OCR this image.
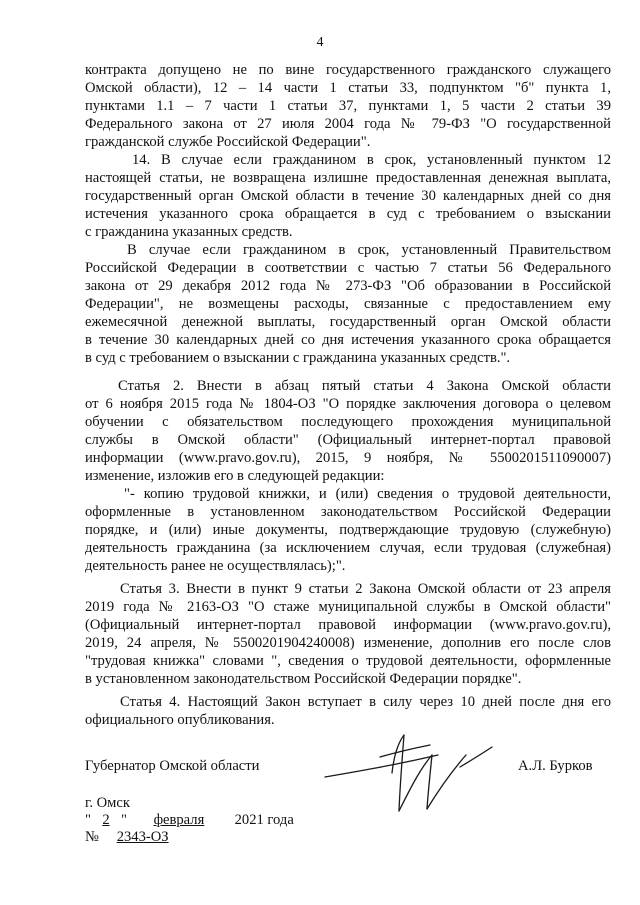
4
контракта допущено не по вине государственного гражданского служащего
Омской области), 12 – 14 части 1 статьи 33, подпунктом "б" пункта 1,
пунктами 1.1 – 7 части 1 статьи 37, пунктами 1, 5 части 2 статьи 39
Федерального закона от 27 июля 2004 года № 79-ФЗ "О государственной
гражданской службе Российской Федерации".
14. В случае если гражданином в срок, установленный пунктом 12
настоящей статьи, не возвращена излишне предоставленная денежная выплата,
государственный орган Омской области в течение 30 календарных дней со дня
истечения указанного срока обращается в суд с требованием о взыскании
с гражданина указанных средств.
В случае если гражданином в срок, установленный Правительством
Российской Федерации в соответствии с частью 7 статьи 56 Федерального
закона от 29 декабря 2012 года № 273-ФЗ "Об образовании в Российской
Федерации", не возмещены расходы, связанные с предоставлением ему
ежемесячной денежной выплаты, государственный орган Омской области
в течение 30 календарных дней со дня истечения указанного срока обращается
в суд с требованием о взыскании с гражданина указанных средств.".
Статья 2. Внести в абзац пятый статьи 4 Закона Омской области
от 6 ноября 2015 года № 1804-ОЗ "О порядке заключения договора о целевом
обучении с обязательством последующего прохождения муниципальной
службы в Омской области" (Официальный интернет-портал правовой
информации (www.pravo.gov.ru), 2015, 9 ноября, № 5500201511090007)
изменение, изложив его в следующей редакции:
"- копию трудовой книжки, и (или) сведения о трудовой деятельности,
оформленные в установленном законодательством Российской Федерации
порядке, и (или) иные документы, подтверждающие трудовую (служебную)
деятельность гражданина (за исключением случая, если трудовая (служебная)
деятельность ранее не осуществлялась);".
Статья 3. Внести в пункт 9 статьи 2 Закона Омской области от 23 апреля
2019 года № 2163-ОЗ "О стаже муниципальной службы в Омской области"
(Официальный интернет-портал правовой информации (www.pravo.gov.ru),
2019, 24 апреля, № 5500201904240008) изменение, дополнив его после слов
"трудовая книжка" словами ", сведения о трудовой деятельности, оформленные
в установленном законодательством Российской Федерации порядке".
Статья 4. Настоящий Закон вступает в силу через 10 дней после дня его
официального опубликования.
Губернатор Омской области	А.Л. Бурков
г. Омск
" 2 " февраля 2021 года
№ 2343-ОЗ
